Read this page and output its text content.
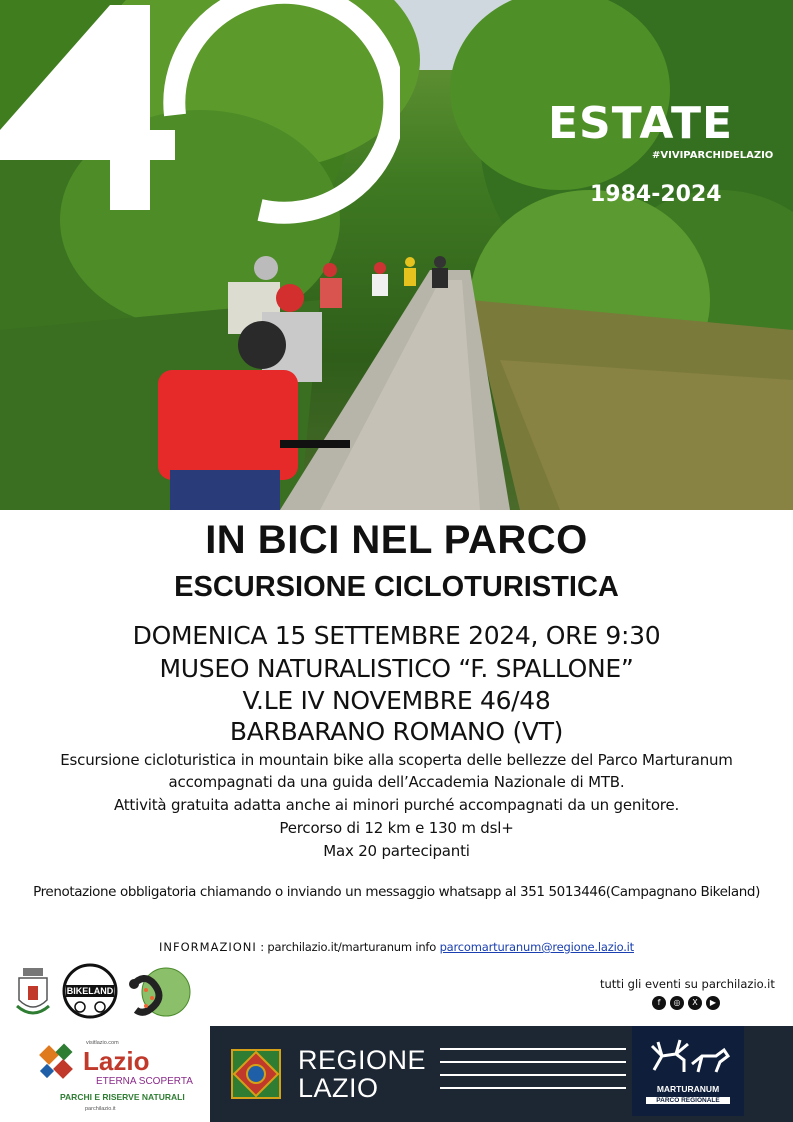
ESTATE
#VIVIPARCHIDELAZIO
1984-2024
IN BICI NEL PARCO
ESCURSIONE CICLOTURISTICA
DOMENICA 15 SETTEMBRE 2024, ORE 9:30
MUSEO NATURALISTICO “F. SPALLONE”
V.LE IV NOVEMBRE 46/48
BARBARANO ROMANO (VT)
Escursione cicloturistica in mountain bike alla scoperta delle bellezze del Parco Marturanum
accompagnati da una guida dell’Accademia Nazionale di MTB.
Attività gratuita adatta anche ai minori purché accompagnati da un genitore.
Percorso di 12 km e 130 m dsl+
Max 20 partecipanti
Prenotazione obbligatoria chiamando o inviando un messaggio whatsapp al 351 5013446(Campagnano Bikeland)
INFORMAZIONI : parchilazio.it/marturanum info parcomarturanum@regione.lazio.it
BIKELAND	tutti gli eventi su parchilazio.it
f	◎	X	▶
visitlazio.com
Lazio
ETERNA SCOPERTA
PARCHI E RISERVE NATURALI
parchilazio.it
REGIONE
LAZIO	MARTURANUM
PARCO REGIONALE
